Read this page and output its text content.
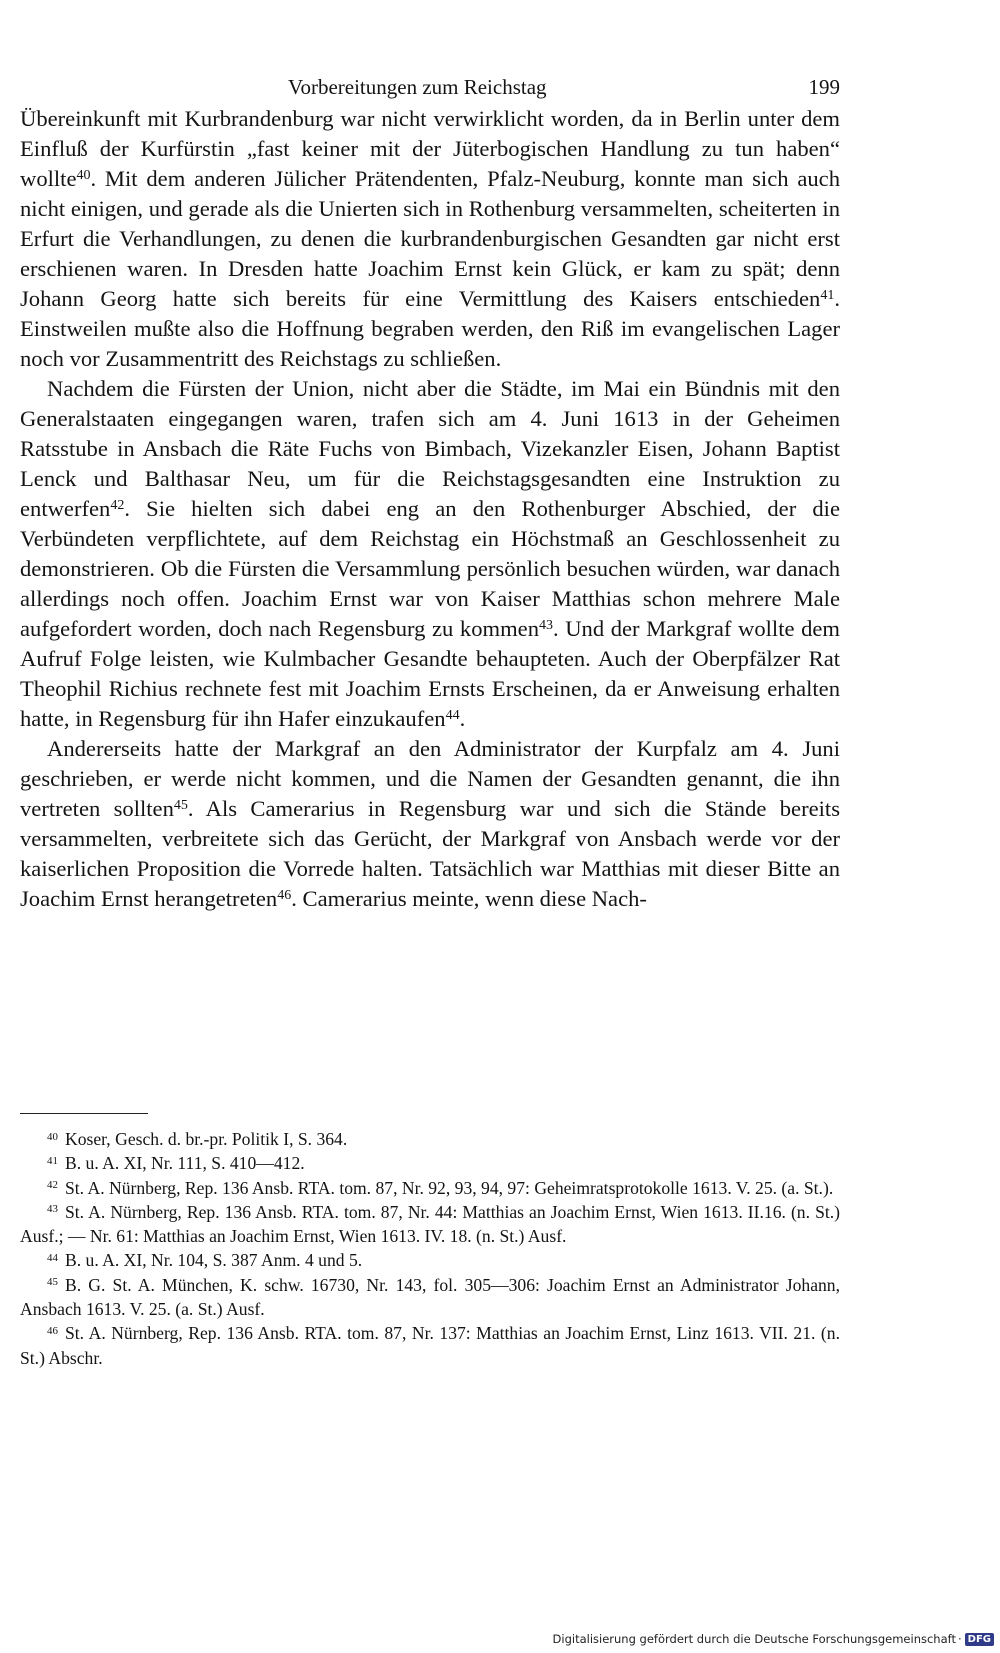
Vorbereitungen zum Reichstag	199

Übereinkunft mit Kurbrandenburg war nicht verwirklicht worden, da in Berlin unter dem Einfluß der Kurfürstin „fast keiner mit der Jüterbogischen Handlung zu tun haben“ wollte$^{40}$. Mit dem anderen Jülicher Prätendenten, Pfalz-Neuburg, konnte man sich auch nicht einigen, und gerade als die Unierten sich in Rothenburg versammelten, scheiterten in Erfurt die Verhandlungen, zu denen die kurbrandenburgischen Gesandten gar nicht erst erschienen waren. In Dresden hatte Joachim Ernst kein Glück, er kam zu spät; denn Johann Georg hatte sich bereits für eine Vermittlung des Kaisers entschieden$^{41}$. Einstweilen mußte also die Hoffnung begraben werden, den Riß im evangelischen Lager noch vor Zusammentritt des Reichstags zu schließen.

Nachdem die Fürsten der Union, nicht aber die Städte, im Mai ein Bündnis mit den Generalstaaten eingegangen waren, trafen sich am 4. Juni 1613 in der Geheimen Ratsstube in Ansbach die Räte Fuchs von Bimbach, Vizekanzler Eisen, Johann Baptist Lenck und Balthasar Neu, um für die Reichstagsgesandten eine Instruktion zu entwerfen$^{42}$. Sie hielten sich dabei eng an den Rothenburger Abschied, der die Verbündeten verpflichtete, auf dem Reichstag ein Höchstmaß an Geschlossenheit zu demonstrieren. Ob die Fürsten die Versammlung persönlich besuchen würden, war danach allerdings noch offen. Joachim Ernst war von Kaiser Matthias schon mehrere Male aufgefordert worden, doch nach Regensburg zu kommen$^{43}$. Und der Markgraf wollte dem Aufruf Folge leisten, wie Kulmbacher Gesandte behaupteten. Auch der Oberpfälzer Rat Theophil Richius rechnete fest mit Joachim Ernsts Erscheinen, da er Anweisung erhalten hatte, in Regensburg für ihn Hafer einzukaufen$^{44}$.

Andererseits hatte der Markgraf an den Administrator der Kurpfalz am 4. Juni geschrieben, er werde nicht kommen, und die Namen der Gesandten genannt, die ihn vertreten sollten$^{45}$. Als Camerarius in Regensburg war und sich die Stände bereits versammelten, verbreitete sich das Gerücht, der Markgraf von Ansbach werde vor der kaiserlichen Proposition die Vorrede halten. Tatsächlich war Matthias mit dieser Bitte an Joachim Ernst herangetreten$^{46}$. Camerarius meinte, wenn diese Nach-

$^{40}$ Koser, Gesch. d. br.-pr. Politik I, S. 364.

$^{41}$ B. u. A. XI, Nr. 111, S. 410—412.

$^{42}$ St. A. Nürnberg, Rep. 136 Ansb. RTA. tom. 87, Nr. 92, 93, 94, 97: Geheimratsprotokolle 1613. V. 25. (a. St.).

$^{43}$ St. A. Nürnberg, Rep. 136 Ansb. RTA. tom. 87, Nr. 44: Matthias an Joachim Ernst, Wien 1613. II.16. (n. St.) Ausf.; — Nr. 61: Matthias an Joachim Ernst, Wien 1613. IV. 18. (n. St.) Ausf.

$^{44}$ B. u. A. XI, Nr. 104, S. 387 Anm. 4 und 5.

$^{45}$ B. G. St. A. München, K. schw. 16730, Nr. 143, fol. 305—306: Joachim Ernst an Administrator Johann, Ansbach 1613. V. 25. (a. St.) Ausf.

$^{46}$ St. A. Nürnberg, Rep. 136 Ansb. RTA. tom. 87, Nr. 137: Matthias an Joachim Ernst, Linz 1613. VII. 21. (n. St.) Abschr.

Digitalisierung gefördert durch die Deutsche Forschungsgemeinschaft · DFG
